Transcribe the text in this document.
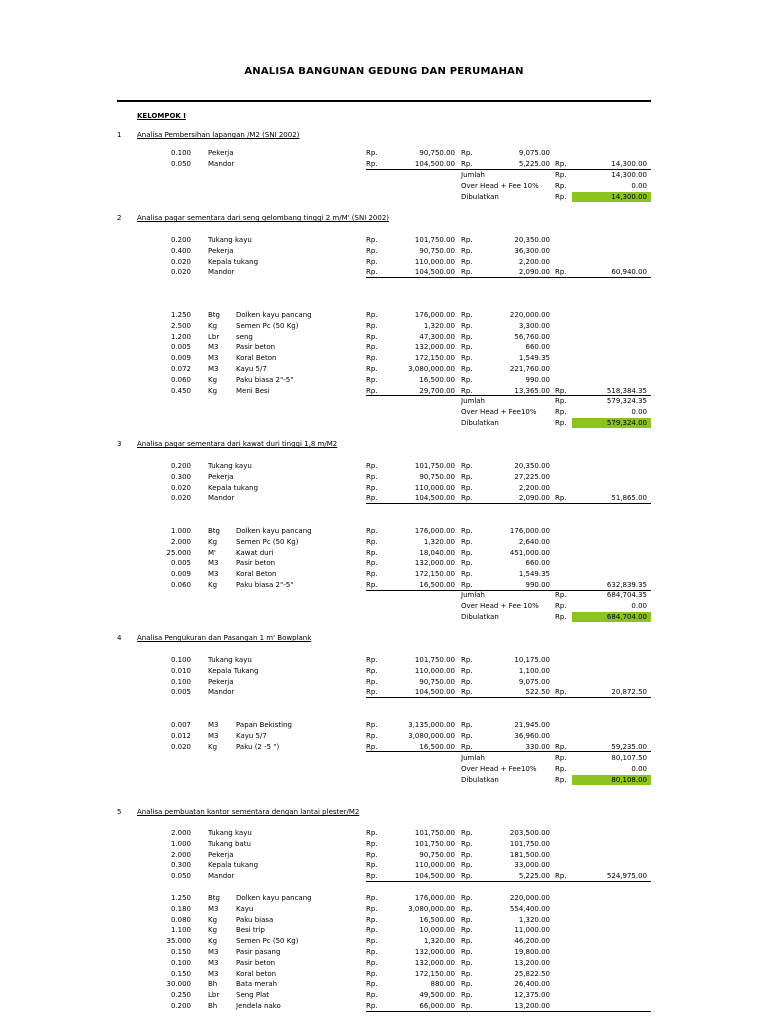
ANALISA BANGUNAN GEDUNG DAN PERUMAHAN
KELOMPOK I
1	Analisa Pembersihan lapangan /M2 (SNI 2002)
0.100 Pekerja	Rp.	90,750.00 Rp.	9,075.00
0.050 Mandor	Rp.	104,500.00 Rp.	5,225.00 Rp.	14,300.00
Jumlah	Rp.	14,300.00
Over Head + Fee 10% Rp.	0.00
Dibulatkan	Rp.	14,300.00
2	Analisa pagar sementara dari seng gelombang tinggi 2 m/M' (SNI 2002)
0.200 Tukang kayu	Rp.	101,750.00 Rp.	20,350.00
0.400 Pekerja	Rp.	90,750.00 Rp.	36,300.00
0.020 Kepala tukang	Rp.	110,000.00 Rp.	2,200.00
0.020 Mandor	Rp.	104,500.00 Rp.	2,090.00 Rp.	60,940.00
1.250 Btg Dolken kayu pancang	Rp.	176,000.00 Rp.	220,000.00
2.500 Kg	Semen Pc (50 Kg)	Rp.	1,320.00 Rp.	3,300.00
1.200 Lbr seng	Rp.	47,300.00 Rp.	56,760.00
0.005 M3	Pasir beton	Rp.	132,000.00 Rp.	660.00
0.009 M3	Koral Beton	Rp.	172,150.00 Rp.	1,549.35
0.072 M3	Kayu 5/7	Rp.	3,080,000.00 Rp.	221,760.00
0.060 Kg	Paku biasa 2"-5"	Rp.	16,500.00 Rp.	990.00
0.450 Kg	Meni Besi	Rp.	29,700.00 Rp.	13,365.00 Rp.	518,384.35
Jumlah	Rp.	579,324.35
Over Head + Fee10%	Rp.	0.00
Dibulatkan	Rp.	579,324.00
3	Analisa pagar sementara dari kawat duri tinggi 1,8 m/M2
0.200 Tukang kayu	Rp.	101,750.00 Rp.	20,350.00
0.300 Pekerja	Rp.	90,750.00 Rp.	27,225.00
0.020 Kepala tukang	Rp.	110,000.00 Rp.	2,200.00
0.020 Mandor	Rp.	104,500.00 Rp.	2,090.00 Rp.	51,865.00
1.000 Btg Dolken kayu pancang	Rp.	176,000.00 Rp.	176,000.00
2.000 Kg	Semen Pc (50 Kg)	Rp.	1,320.00 Rp.	2,640.00
25.000 M'	Kawat duri	Rp.	18,040.00 Rp.	451,000.00
0.005 M3	Pasir beton	Rp.	132,000.00 Rp.	660.00
0.009 M3	Koral Beton	Rp.	172,150.00 Rp.	1,549.35
0.060 Kg	Paku biasa 2"-5"	Rp.	16,500.00 Rp.	990.00	632,839.35
Jumlah	Rp.	684,704.35
Over Head + Fee 10% Rp.	0.00
Dibulatkan	Rp.	684,704.00
4	Analisa Pengukuran dan Pasangan 1 m' Bowplank
0.100 Tukang kayu	Rp.	101,750.00 Rp.	10,175.00
0.010 Kepala Tukang	Rp.	110,000.00 Rp.	1,100.00
0.100 Pekerja	Rp.	90,750.00 Rp.	9,075.00
0.005 Mandor	Rp.	104,500.00 Rp.	522.50 Rp.	20,872.50
0.007 M3	Papan Bekisting	Rp.	3,135,000.00 Rp.	21,945.00
0.012 M3	Kayu 5/7	Rp.	3,080,000.00 Rp.	36,960.00
0.020 Kg	Paku (2 -5 ")	Rp.	16,500.00 Rp.	330.00 Rp.	59,235.00
Jumlah	Rp.	80,107.50
Over Head + Fee10%	Rp.	0.00
Dibulatkan	Rp.	80,108.00
5	Analisa pembuatan kantor sementara dengan lantai plester/M2
2.000 Tukang kayu	Rp.	101,750.00 Rp.	203,500.00
1.000 Tukang batu	Rp.	101,750.00 Rp.	101,750.00
2.000 Pekerja	Rp.	90,750.00 Rp.	181,500.00
0.300 Kepala tukang	Rp.	110,000.00 Rp.	33,000.00
0.050 Mandor	Rp.	104,500.00 Rp.	5,225.00 Rp.	524,975.00
1.250 Btg Dolken kayu pancang	Rp.	176,000.00 Rp.	220,000.00
0.180 M3	Kayu	Rp.	3,080,000.00 Rp.	554,400.00
0.080 Kg	Paku biasa	Rp.	16,500.00 Rp.	1,320.00
1.100 Kg	Besi trip	Rp.	10,000.00 Rp.	11,000.00
35.000 Kg	Semen Pc (50 Kg)	Rp.	1,320.00 Rp.	46,200.00
0.150 M3	Pasir pasang	Rp.	132,000.00 Rp.	19,800.00
0.100 M3	Pasir beton	Rp.	132,000.00 Rp.	13,200.00
0.150 M3	Koral beton	Rp.	172,150.00 Rp.	25,822.50
30.000 Bh	Bata merah	Rp.	880.00 Rp.	26,400.00
0.250 Lbr Seng Plat	Rp.	49,500.00 Rp.	12,375.00
0.200 Bh	Jendela nako	Rp.	66,000.00 Rp.	13,200.00
